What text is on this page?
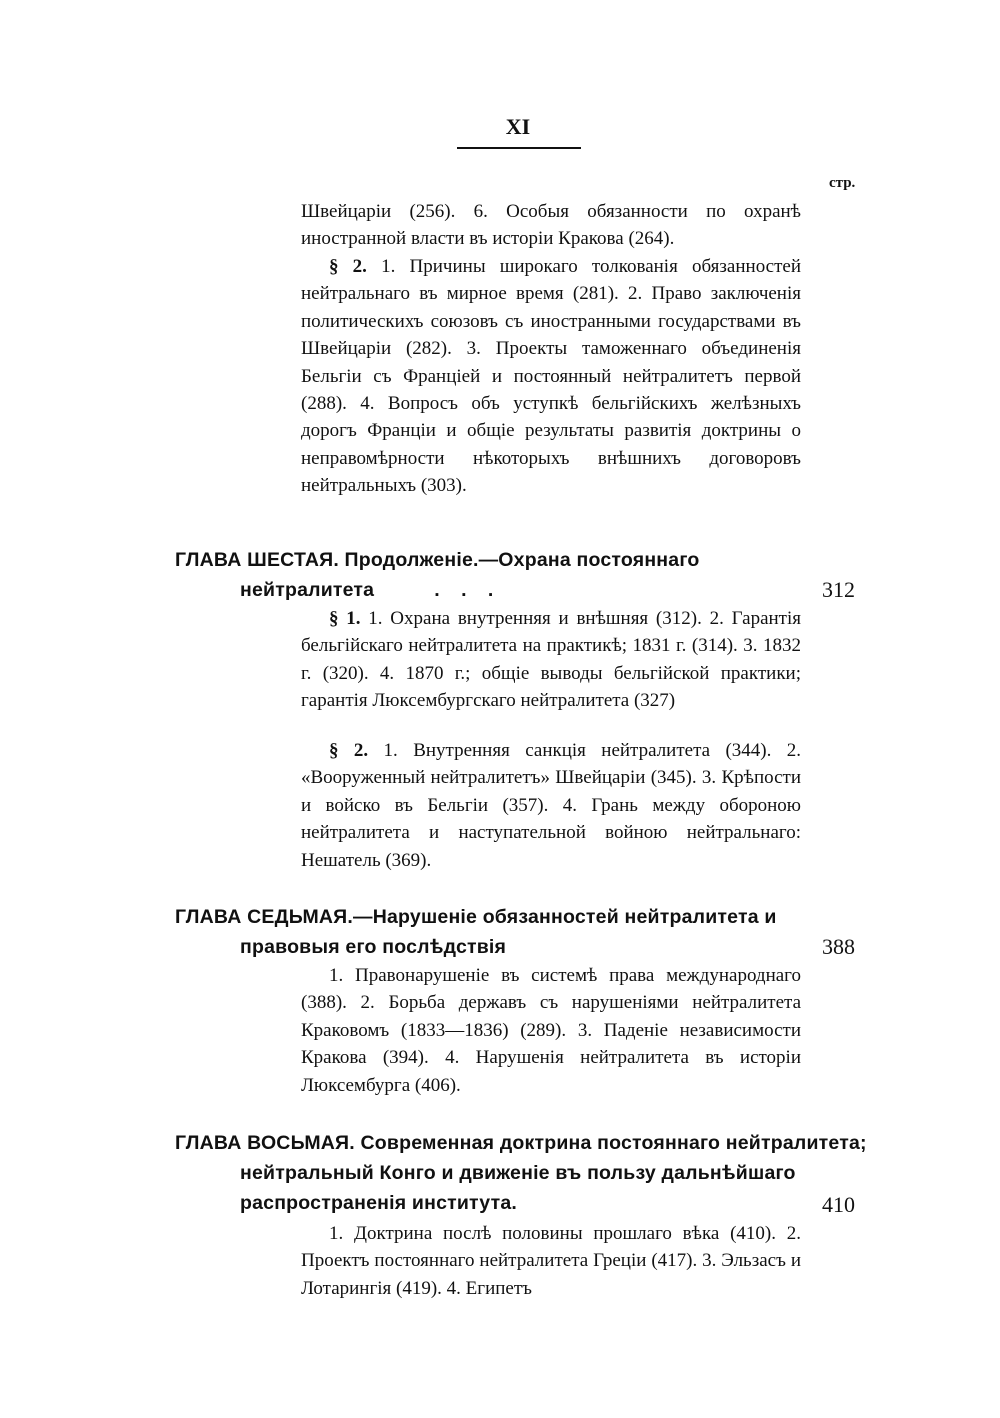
XI
стр.
Швейцаріи (256). 6. Особыя обязанности по охранѣ иностранной власти въ исторіи Кракова (264).
§ 2. 1. Причины широкаго толкованія обязанностей нейтральнаго въ мирное время (281). 2. Право заключенія политическихъ союзовъ съ иностранными государствами въ Швейцаріи (282). 3. Проекты таможеннаго объединенія Бельгіи съ Франціей и постоянный нейтралитетъ первой (288). 4. Вопросъ объ уступкѣ бельгійскихъ желѣзныхъ дорогъ Франціи и общіе результаты развитія доктрины о неправомѣрности нѣкоторыхъ внѣшнихъ договоровъ нейтральныхъ (303).
ГЛАВА ШЕСТАЯ. Продолженіе.—Охрана постояннаго нейтралитета	. . .	312
§ 1. 1. Охрана внутренняя и внѣшняя (312). 2. Гарантія бельгійскаго нейтралитета на практикѣ; 1831 г. (314). 3. 1832 г. (320). 4. 1870 г.; общіе выводы бельгійской практики; гарантія Люксембургскаго нейтралитета (327)
§ 2. 1. Внутренняя санкція нейтралитета (344). 2. «Вооруженный нейтралитетъ» Швейцаріи (345). 3. Крѣпости и войско въ Бельгіи (357). 4. Грань между обороною нейтралитета и наступательной войною нейтральнаго: Нешатель (369).
ГЛАВА СЕДЬМАЯ.—Нарушеніе обязанностей нейтралитета и правовыя его послѣдствія	388
1. Правонарушеніе въ системѣ права международнаго (388). 2. Борьба державъ съ нарушеніями нейтралитета Краковомъ (1833—1836) (289). 3. Паденіе независимости Кракова (394). 4. Нарушенія нейтралитета въ исторіи Люксембурга (406).
ГЛАВА ВОСЬМАЯ. Современная доктрина постояннаго нейтралитета; нейтральный Конго и движеніе въ пользу дальнѣйшаго распространенія института.	410
1. Доктрина послѣ половины прошлаго вѣка (410). 2. Проектъ постояннаго нейтралитета Греціи (417). 3. Эльзасъ и Лотарингія (419). 4. Египетъ
